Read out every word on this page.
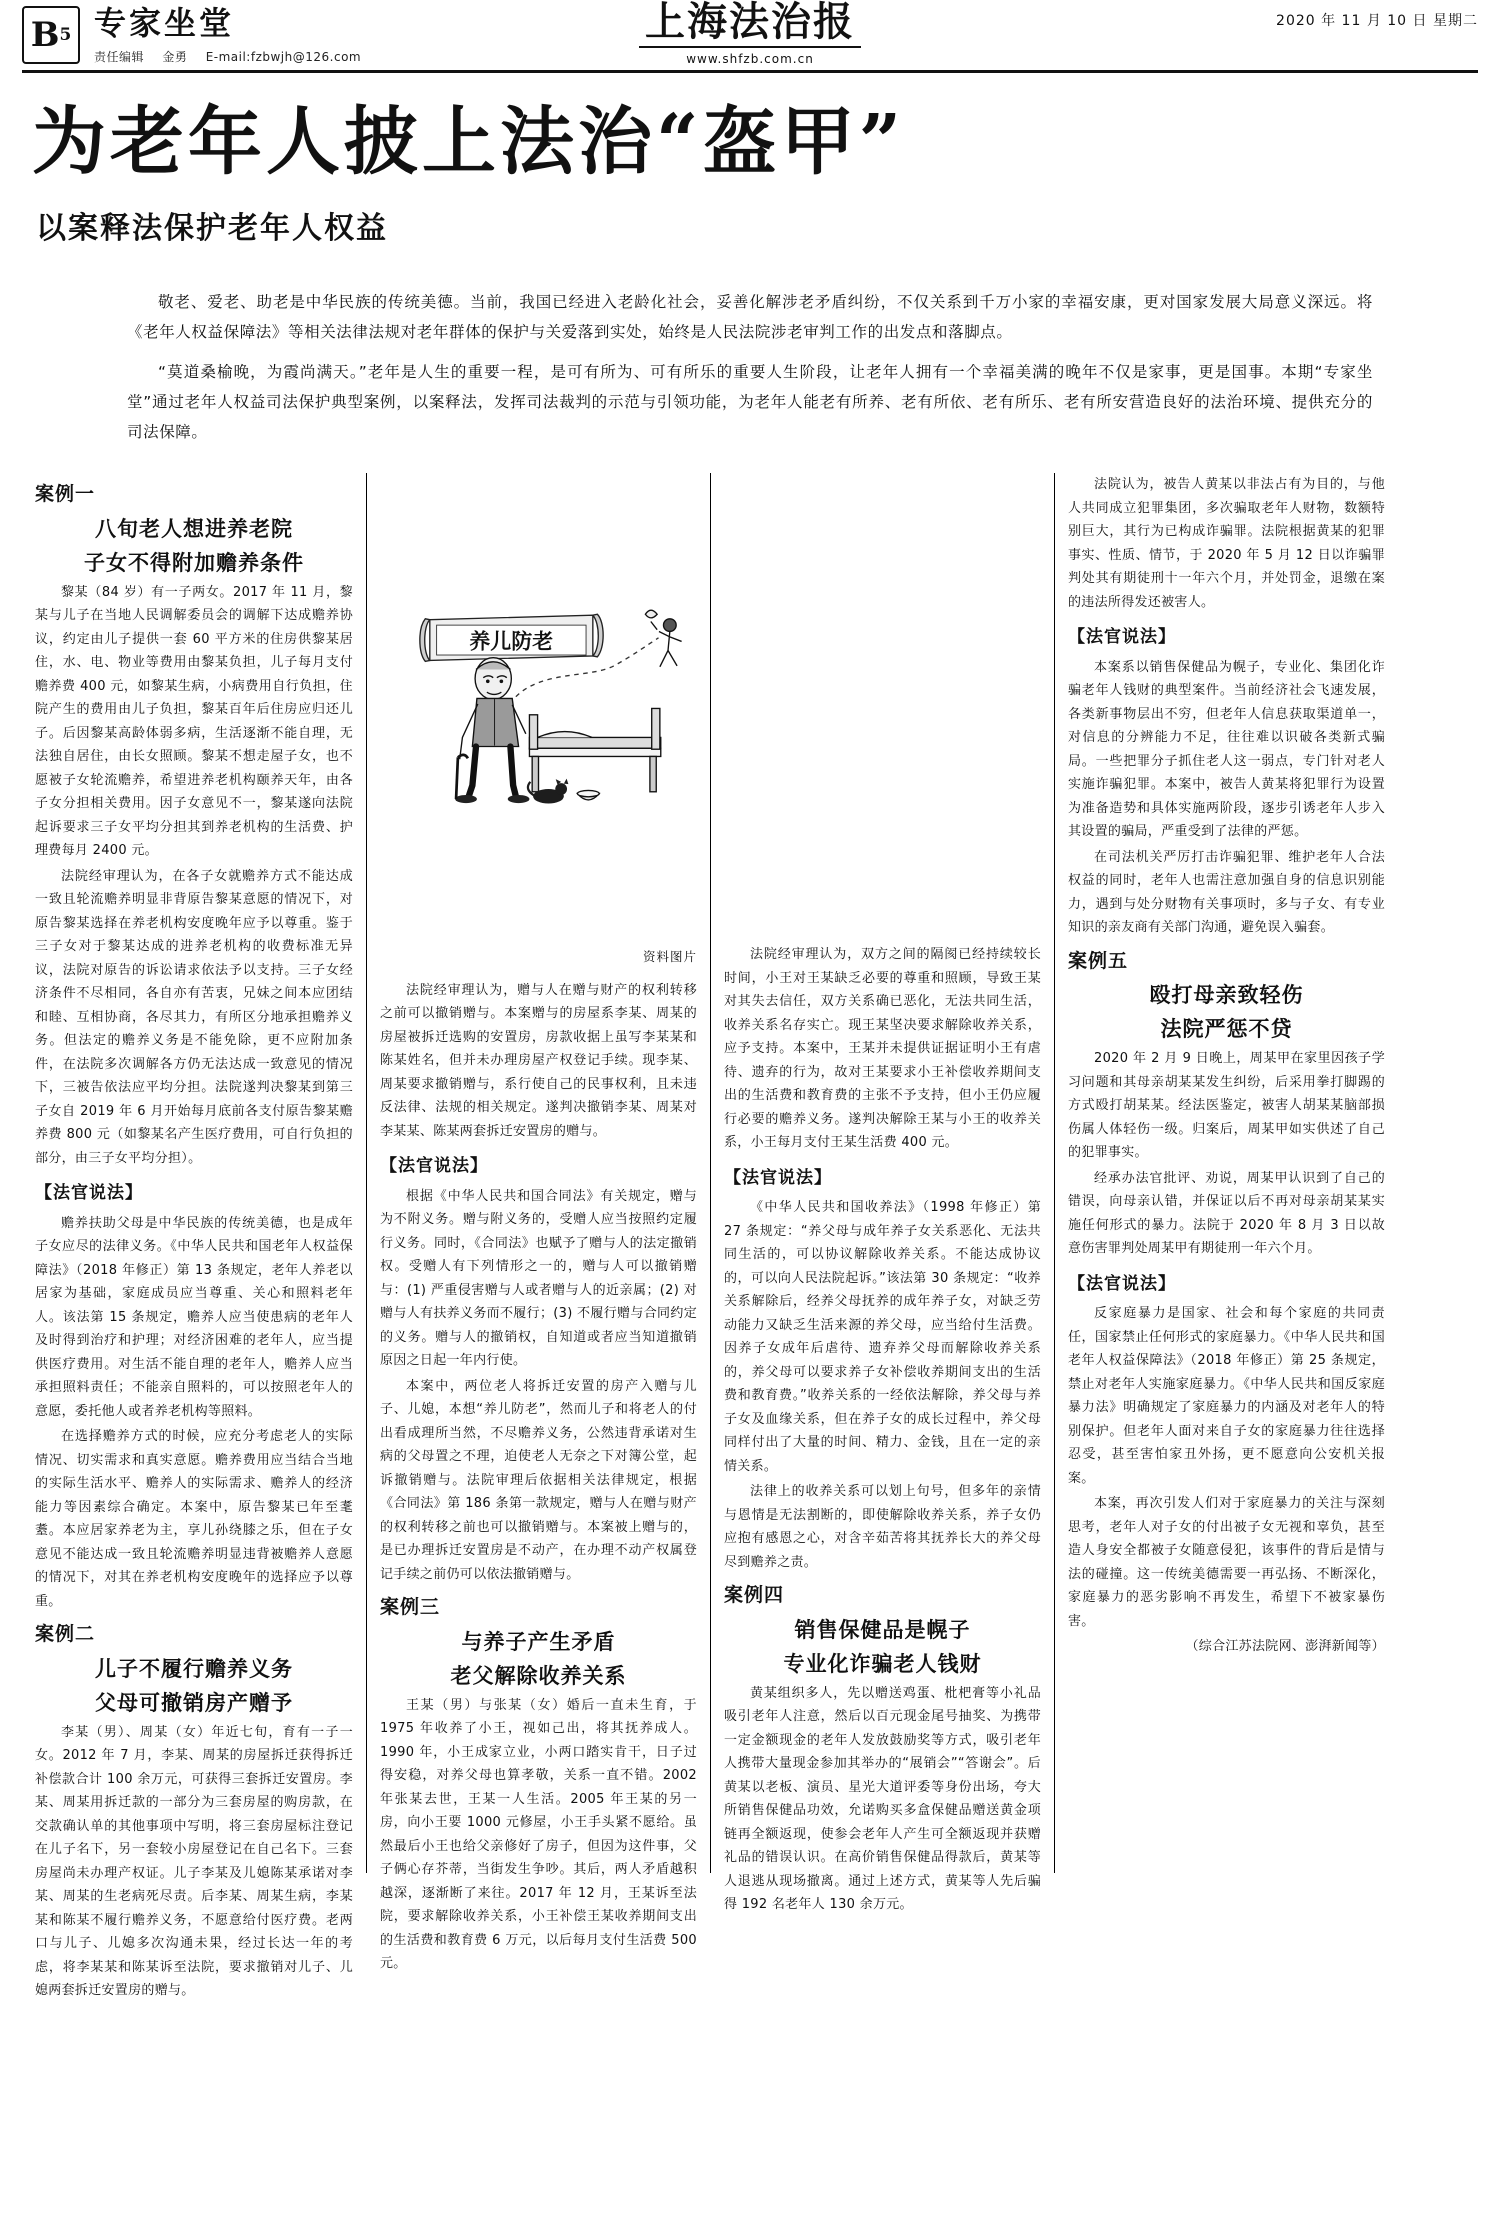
B 5 专家坐堂
责任编辑 金勇 E-mail:fzbwjh@126.com
上海法治报
www.shfzb.com.cn
2020 年 11 月 10 日 星期二
为老年人披上法治“盔甲”
以案释法保护老年人权益

敬老、爱老、助老是中华民族的传统美德。当前，我国已经进入老龄化社会，妥善化解涉老矛盾纠纷，不仅关系到千万小家的幸福安康，更对国家发展大局意义深远。将《老年人权益保障法》等相关法律法规对老年群体的保护与关爱落到实处，始终是人民法院涉老审判工作的出发点和落脚点。

“莫道桑榆晚，为霞尚满天。”老年是人生的重要一程，是可有所为、可有所乐的重要人生阶段，让老年人拥有一个幸福美满的晚年不仅是家事，更是国事。本期“专家坐堂”通过老年人权益司法保护典型案例，以案释法，发挥司法裁判的示范与引领功能，为老年人能老有所养、老有所依、老有所乐、老有所安营造良好的法治环境、提供充分的司法保障。

案例一
八旬老人想进养老院
子女不得附加赡养条件

黎某（84 岁）有一子两女。2017 年 11 月，黎某与儿子在当地人民调解委员会的调解下达成赡养协议，约定由儿子提供一套 60 平方米的住房供黎某居住，水、电、物业等费用由黎某负担，儿子每月支付赡养费 400 元，如黎某生病，小病费用自行负担，住院产生的费用由儿子负担，黎某百年后住房应归还儿子。后因黎某高龄体弱多病，生活逐渐不能自理，无法独自居住，由长女照顾。黎某不想走屋子女，也不愿被子女轮流赡养，希望进养老机构颐养天年，由各子女分担相关费用。因子女意见不一，黎某遂向法院起诉要求三子女平均分担其到养老机构的生活费、护理费每月 2400 元。

法院经审理认为，在各子女就赡养方式不能达成一致且轮流赡养明显非背原告黎某意愿的情况下，对原告黎某选择在养老机构安度晚年应予以尊重。鉴于三子女对于黎某达成的进养老机构的收费标准无异议，法院对原告的诉讼请求依法予以支持。三子女经济条件不尽相同，各自亦有苦衷，兄妹之间本应团结和睦、互相协商，各尽其力，有所区分地承担赡养义务。但法定的赡养义务是不能免除，更不应附加条件，在法院多次调解各方仍无法达成一致意见的情况下，三被告依法应平均分担。法院遂判决黎某到第三子女自 2019 年 6 月开始每月底前各支付原告黎某赡养费 800 元（如黎某名产生医疗费用，可自行负担的部分，由三子女平均分担）。

【法官说法】

赡养扶助父母是中华民族的传统美德，也是成年子女应尽的法律义务。《中华人民共和国老年人权益保障法》（2018 年修正）第 13 条规定，老年人养老以居家为基础，家庭成员应当尊重、关心和照料老年人。该法第 15 条规定，赡养人应当使患病的老年人及时得到治疗和护理；对经济困难的老年人，应当提供医疗费用。对生活不能自理的老年人，赡养人应当承担照料责任；不能亲自照料的，可以按照老年人的意愿，委托他人或者养老机构等照料。

在选择赡养方式的时候，应充分考虑老人的实际情况、切实需求和真实意愿。赡养费用应当结合当地的实际生活水平、赡养人的实际需求、赡养人的经济能力等因素综合确定。本案中，原告黎某已年至耄耋。本应居家养老为主，享儿孙绕膝之乐，但在子女意见不能达成一致且轮流赡养明显违背被赡养人意愿的情况下，对其在养老机构安度晚年的选择应予以尊重。

案例二
儿子不履行赡养义务
父母可撤销房产赠予

李某（男）、周某（女）年近七旬，育有一子一女。2012 年 7 月，李某、周某的房屋拆迁获得拆迁补偿款合计 100 余万元，可获得三套拆迁安置房。李某、周某用拆迁款的一部分为三套房屋的购房款，在交款确认单的其他事项中写明，将三套房屋标注登记在儿子名下，另一套较小房屋登记在自己名下。三套房屋尚未办理产权证。儿子李某及儿媳陈某承诺对李某、周某的生老病死尽责。后李某、周某生病，李某某和陈某不履行赡养义务，不愿意给付医疗费。老两口与儿子、儿媳多次沟通未果，经过长达一年的考虑，将李某某和陈某诉至法院，要求撤销对儿子、儿媳两套拆迁安置房的赠与。

养儿防老
资料图片

法院经审理认为，赠与人在赠与财产的权利转移之前可以撤销赠与。本案赠与的房屋系李某、周某的房屋被拆迁选购的安置房，房款收据上虽写李某某和陈某姓名，但并未办理房屋产权登记手续。现李某、周某要求撤销赠与，系行使自己的民事权利，且未违反法律、法规的相关规定。遂判决撤销李某、周某对李某某、陈某两套拆迁安置房的赠与。

【法官说法】

根据《中华人民共和国合同法》有关规定，赠与为不附义务。赠与附义务的，受赠人应当按照约定履行义务。同时，《合同法》也赋予了赠与人的法定撤销权。受赠人有下列情形之一的，赠与人可以撤销赠与：(1) 严重侵害赠与人或者赠与人的近亲属；(2) 对赠与人有扶养义务而不履行；(3) 不履行赠与合同约定的义务。赠与人的撤销权，自知道或者应当知道撤销原因之日起一年内行使。

本案中，两位老人将拆迁安置的房产入赠与儿子、儿媳，本想“养儿防老”，然而儿子和将老人的付出看成理所当然，不尽赡养义务，公然违背承诺对生病的父母置之不理，迫使老人无奈之下对簿公堂，起诉撤销赠与。法院审理后依据相关法律规定，根据《合同法》第 186 条第一款规定，赠与人在赠与财产的权利转移之前也可以撤销赠与。本案被上赠与的，是已办理拆迁安置房是不动产，在办理不动产权属登记手续之前仍可以依法撤销赠与。

案例三
与养子产生矛盾
老父解除收养关系

王某（男）与张某（女）婚后一直未生育，于 1975 年收养了小王，视如己出，将其抚养成人。1990 年，小王成家立业，小两口踏实肯干，日子过得安稳，对养父母也算孝敬，关系一直不错。2002 年张某去世，王某一人生活。2005 年王某的另一房，向小王要 1000 元修屋，小王手头紧不愿给。虽然最后小王也给父亲修好了房子，但因为这件事，父子俩心存芥蒂，当街发生争吵。其后，两人矛盾越积越深，逐渐断了来往。2017 年 12 月，王某诉至法院，要求解除收养关系，小王补偿王某收养期间支出的生活费和教育费 6 万元，以后每月支付生活费 500 元。

法院经审理认为，双方之间的隔阂已经持续较长时间，小王对王某缺乏必要的尊重和照顾，导致王某对其失去信任，双方关系确已恶化，无法共同生活，收养关系名存实亡。现王某坚决要求解除收养关系，应予支持。本案中，王某并未提供证据证明小王有虐待、遗弃的行为，故对王某要求小王补偿收养期间支出的生活费和教育费的主张不予支持，但小王仍应履行必要的赡养义务。遂判决解除王某与小王的收养关系，小王每月支付王某生活费 400 元。

【法官说法】

《中华人民共和国收养法》（1998 年修正）第 27 条规定：“养父母与成年养子女关系恶化、无法共同生活的，可以协议解除收养关系。不能达成协议的，可以向人民法院起诉。”该法第 30 条规定：“收养关系解除后，经养父母抚养的成年养子女，对缺乏劳动能力又缺乏生活来源的养父母，应当给付生活费。因养子女成年后虐待、遗弃养父母而解除收养关系的，养父母可以要求养子女补偿收养期间支出的生活费和教育费。”收养关系的一经依法解除，养父母与养子女及血缘关系，但在养子女的成长过程中，养父母同样付出了大量的时间、精力、金钱，且在一定的亲情关系。

法律上的收养关系可以划上句号，但多年的亲情与恩情是无法割断的，即使解除收养关系，养子女仍应抱有感恩之心，对含辛茹苦将其抚养长大的养父母尽到赡养之责。

案例四
销售保健品是幌子
专业化诈骗老人钱财

黄某组织多人，先以赠送鸡蛋、枇杷膏等小礼品吸引老年人注意，然后以百元现金尾号抽奖、为携带一定金额现金的老年人发放鼓励奖等方式，吸引老年人携带大量现金参加其举办的“展销会”“答谢会”。后黄某以老板、演员、星光大道评委等身份出场，夸大所销售保健品功效，允诺购买多盒保健品赠送黄金项链再全额返现，使参会老年人产生可全额返现并获赠礼品的错误认识。在高价销售保健品得款后，黄某等人退逃从现场撤离。通过上述方式，黄某等人先后骗得 192 名老年人 130 余万元。

法院认为，被告人黄某以非法占有为目的，与他人共同成立犯罪集团，多次骗取老年人财物，数额特别巨大，其行为已构成诈骗罪。法院根据黄某的犯罪事实、性质、情节，于 2020 年 5 月 12 日以诈骗罪判处其有期徒刑十一年六个月，并处罚金，退缴在案的违法所得发还被害人。

【法官说法】

本案系以销售保健品为幌子，专业化、集团化诈骗老年人钱财的典型案件。当前经济社会飞速发展，各类新事物层出不穷，但老年人信息获取渠道单一，对信息的分辨能力不足，往往难以识破各类新式骗局。一些把罪分子抓住老人这一弱点，专门针对老人实施诈骗犯罪。本案中，被告人黄某将犯罪行为设置为准备造势和具体实施两阶段，逐步引诱老年人步入其设置的骗局，严重受到了法律的严惩。

在司法机关严厉打击诈骗犯罪、维护老年人合法权益的同时，老年人也需注意加强自身的信息识别能力，遇到与处分财物有关事项时，多与子女、有专业知识的亲友商有关部门沟通，避免误入骗套。

案例五
殴打母亲致轻伤
法院严惩不贷

2020 年 2 月 9 日晚上，周某甲在家里因孩子学习问题和其母亲胡某某发生纠纷，后采用拳打脚踢的方式殴打胡某某。经法医鉴定，被害人胡某某脑部损伤属人体轻伤一级。归案后，周某甲如实供述了自己的犯罪事实。

经承办法官批评、劝说，周某甲认识到了自己的错误，向母亲认错，并保证以后不再对母亲胡某某实施任何形式的暴力。法院于 2020 年 8 月 3 日以故意伤害罪判处周某甲有期徒刑一年六个月。

【法官说法】

反家庭暴力是国家、社会和每个家庭的共同责任，国家禁止任何形式的家庭暴力。《中华人民共和国老年人权益保障法》（2018 年修正）第 25 条规定，禁止对老年人实施家庭暴力。《中华人民共和国反家庭暴力法》明确规定了家庭暴力的内涵及对老年人的特别保护。但老年人面对来自子女的家庭暴力往往选择忍受，甚至害怕家丑外扬，更不愿意向公安机关报案。

本案，再次引发人们对于家庭暴力的关注与深刻思考，老年人对子女的付出被子女无视和辜负，甚至造人身安全都被子女随意侵犯，该事件的背后是情与法的碰撞。这一传统美德需要一再弘扬、不断深化，家庭暴力的恶劣影响不再发生，希望下不被家暴伤害。

（综合江苏法院网、澎湃新闻等）
